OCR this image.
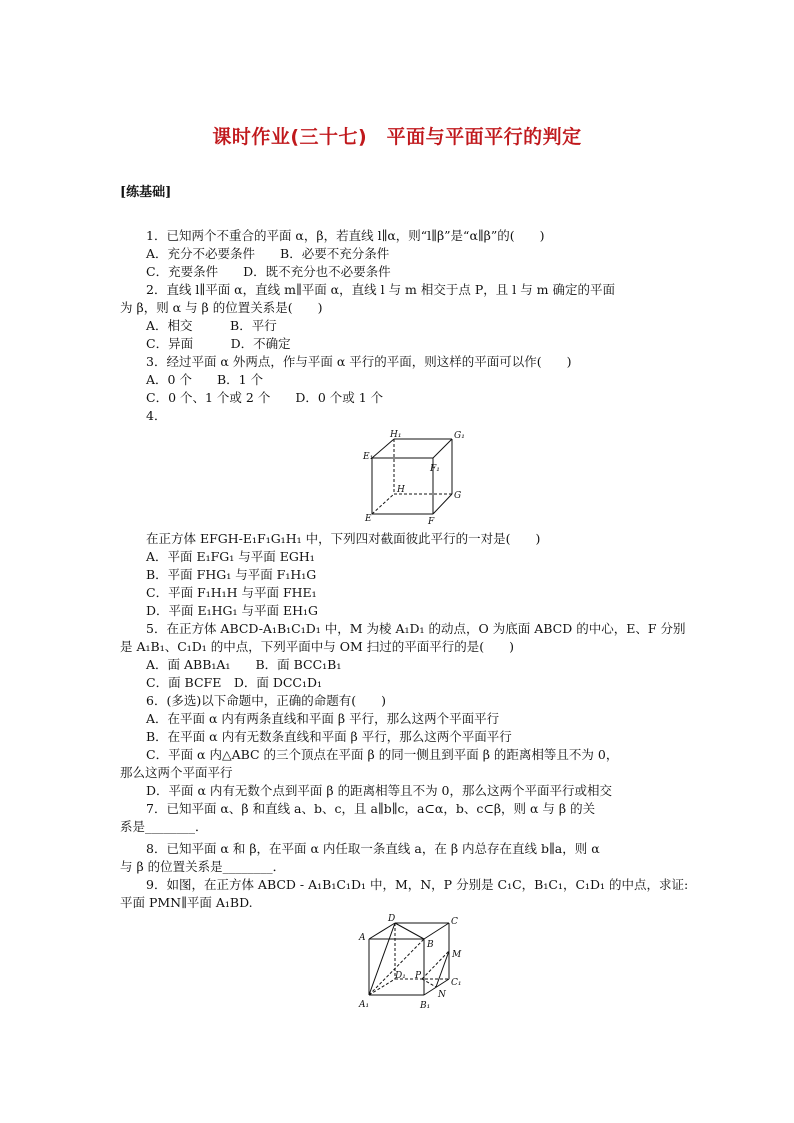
课时作业(三十七)　平面与平面平行的判定
[练基础]
1．已知两个不重合的平面 α，β，若直线 l∥α，则“l∥β”是“α∥β”的(　　)
A．充分不必要条件　　B．必要不充分条件
C．充要条件　　D．既不充分也不必要条件
2．直线 l∥平面 α，直线 m∥平面 α，直线 l 与 m 相交于点 P，且 l 与 m 确定的平面
为 β，则 α 与 β 的位置关系是(　　)
A．相交　　　B．平行
C．异面　　　D．不确定
3．经过平面 α 外两点，作与平面 α 平行的平面，则这样的平面可以作(　　)
A．0 个　　B．1 个
C．0 个、1 个或 2 个　　D．0 个或 1 个
4．
H₁	G₁
E₁
F₁
H
G
E	F
在正方体 EFGH-E₁F₁G₁H₁ 中，下列四对截面彼此平行的一对是(　　)
A．平面 E₁FG₁ 与平面 EGH₁
B．平面 FHG₁ 与平面 F₁H₁G
C．平面 F₁H₁H 与平面 FHE₁
D．平面 E₁HG₁ 与平面 EH₁G
5．在正方体 ABCD-A₁B₁C₁D₁ 中，M 为棱 A₁D₁ 的动点，O 为底面 ABCD 的中心，E、F 分别
是 A₁B₁、C₁D₁ 的中点，下列平面中与 OM 扫过的平面平行的是(　　)
A．面 ABB₁A₁　　B．面 BCC₁B₁
C．面 BCFE　D．面 DCC₁D₁
6．(多选)以下命题中，正确的命题有(　　)
A．在平面 α 内有两条直线和平面 β 平行，那么这两个平面平行
B．在平面 α 内有无数条直线和平面 β 平行，那么这两个平面平行
C．平面 α 内△ABC 的三个顶点在平面 β 的同一侧且到平面 β 的距离相等且不为 0，
那么这两个平面平行
D．平面 α 内有无数个点到平面 β 的距离相等且不为 0，那么这两个平面平行或相交
7．已知平面 α、β 和直线 a、b、c，且 a∥b∥c，a⊂α，b、c⊂β，则 α 与 β 的关
系是________．
8．已知平面 α 和 β，在平面 α 内任取一条直线 a，在 β 内总存在直线 b∥a，则 α
与 β 的位置关系是________．
9．如图，在正方体 ABCD - A₁B₁C₁D₁ 中，M，N，P 分别是 C₁C，B₁C₁，C₁D₁ 的中点，求证:
平面 PMN∥平面 A₁BD.
D	C
A
B
M
D₁ P
C₁
N
A₁	B₁
